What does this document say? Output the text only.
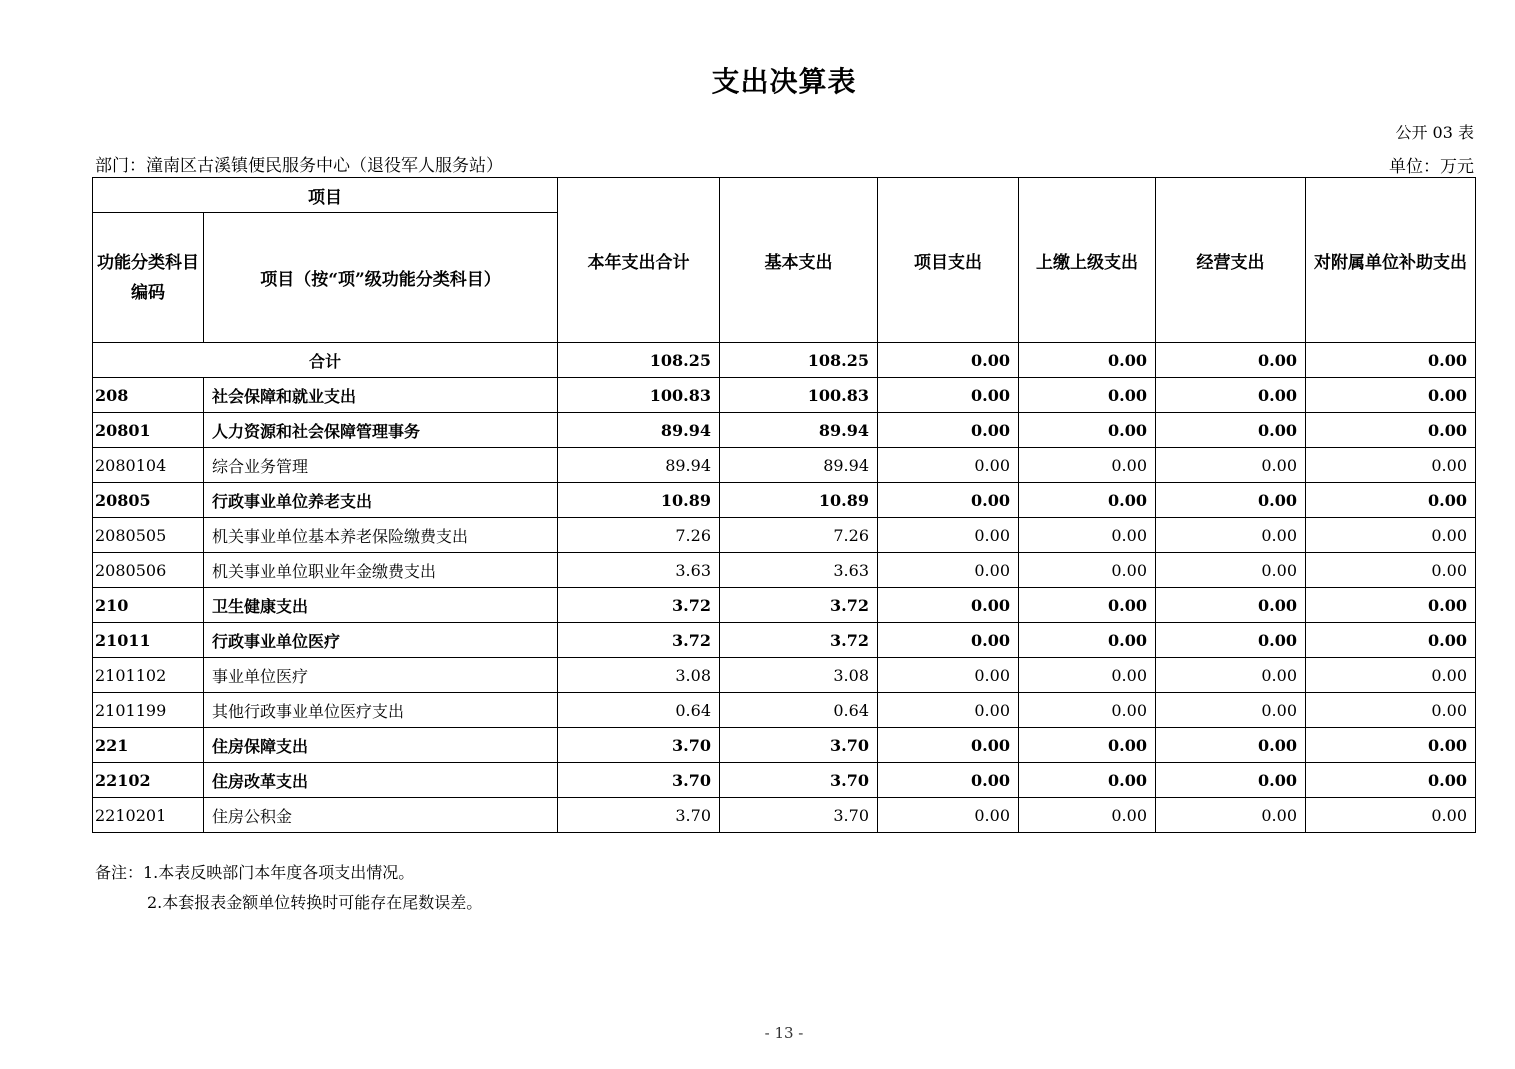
支出决算表
公开 03 表
部门：潼南区古溪镇便民服务中心（退役军人服务站）	单位：万元
项目		本年支出合计	基本支出	项目支出	上缴上级支出	经营支出	对附属单位补助支出
功能分类科目编码	项目（按“项”级功能分类科目）						
合计		108.25	108.25	0.00	0.00	0.00	0.00
208	社会保障和就业支出	100.83	100.83	0.00	0.00	0.00	0.00
20801	人力资源和社会保障管理事务	89.94	89.94	0.00	0.00	0.00	0.00
2080104	综合业务管理	89.94	89.94	0.00	0.00	0.00	0.00
20805	行政事业单位养老支出	10.89	10.89	0.00	0.00	0.00	0.00
2080505	机关事业单位基本养老保险缴费支出	7.26	7.26	0.00	0.00	0.00	0.00
2080506	机关事业单位职业年金缴费支出	3.63	3.63	0.00	0.00	0.00	0.00
210	卫生健康支出	3.72	3.72	0.00	0.00	0.00	0.00
21011	行政事业单位医疗	3.72	3.72	0.00	0.00	0.00	0.00
2101102	事业单位医疗	3.08	3.08	0.00	0.00	0.00	0.00
2101199	其他行政事业单位医疗支出	0.64	0.64	0.00	0.00	0.00	0.00
221	住房保障支出	3.70	3.70	0.00	0.00	0.00	0.00
22102	住房改革支出	3.70	3.70	0.00	0.00	0.00	0.00
2210201	住房公积金	3.70	3.70	0.00	0.00	0.00	0.00
备注：1.本表反映部门本年度各项支出情况。
2.本套报表金额单位转换时可能存在尾数误差。
- 13 -
